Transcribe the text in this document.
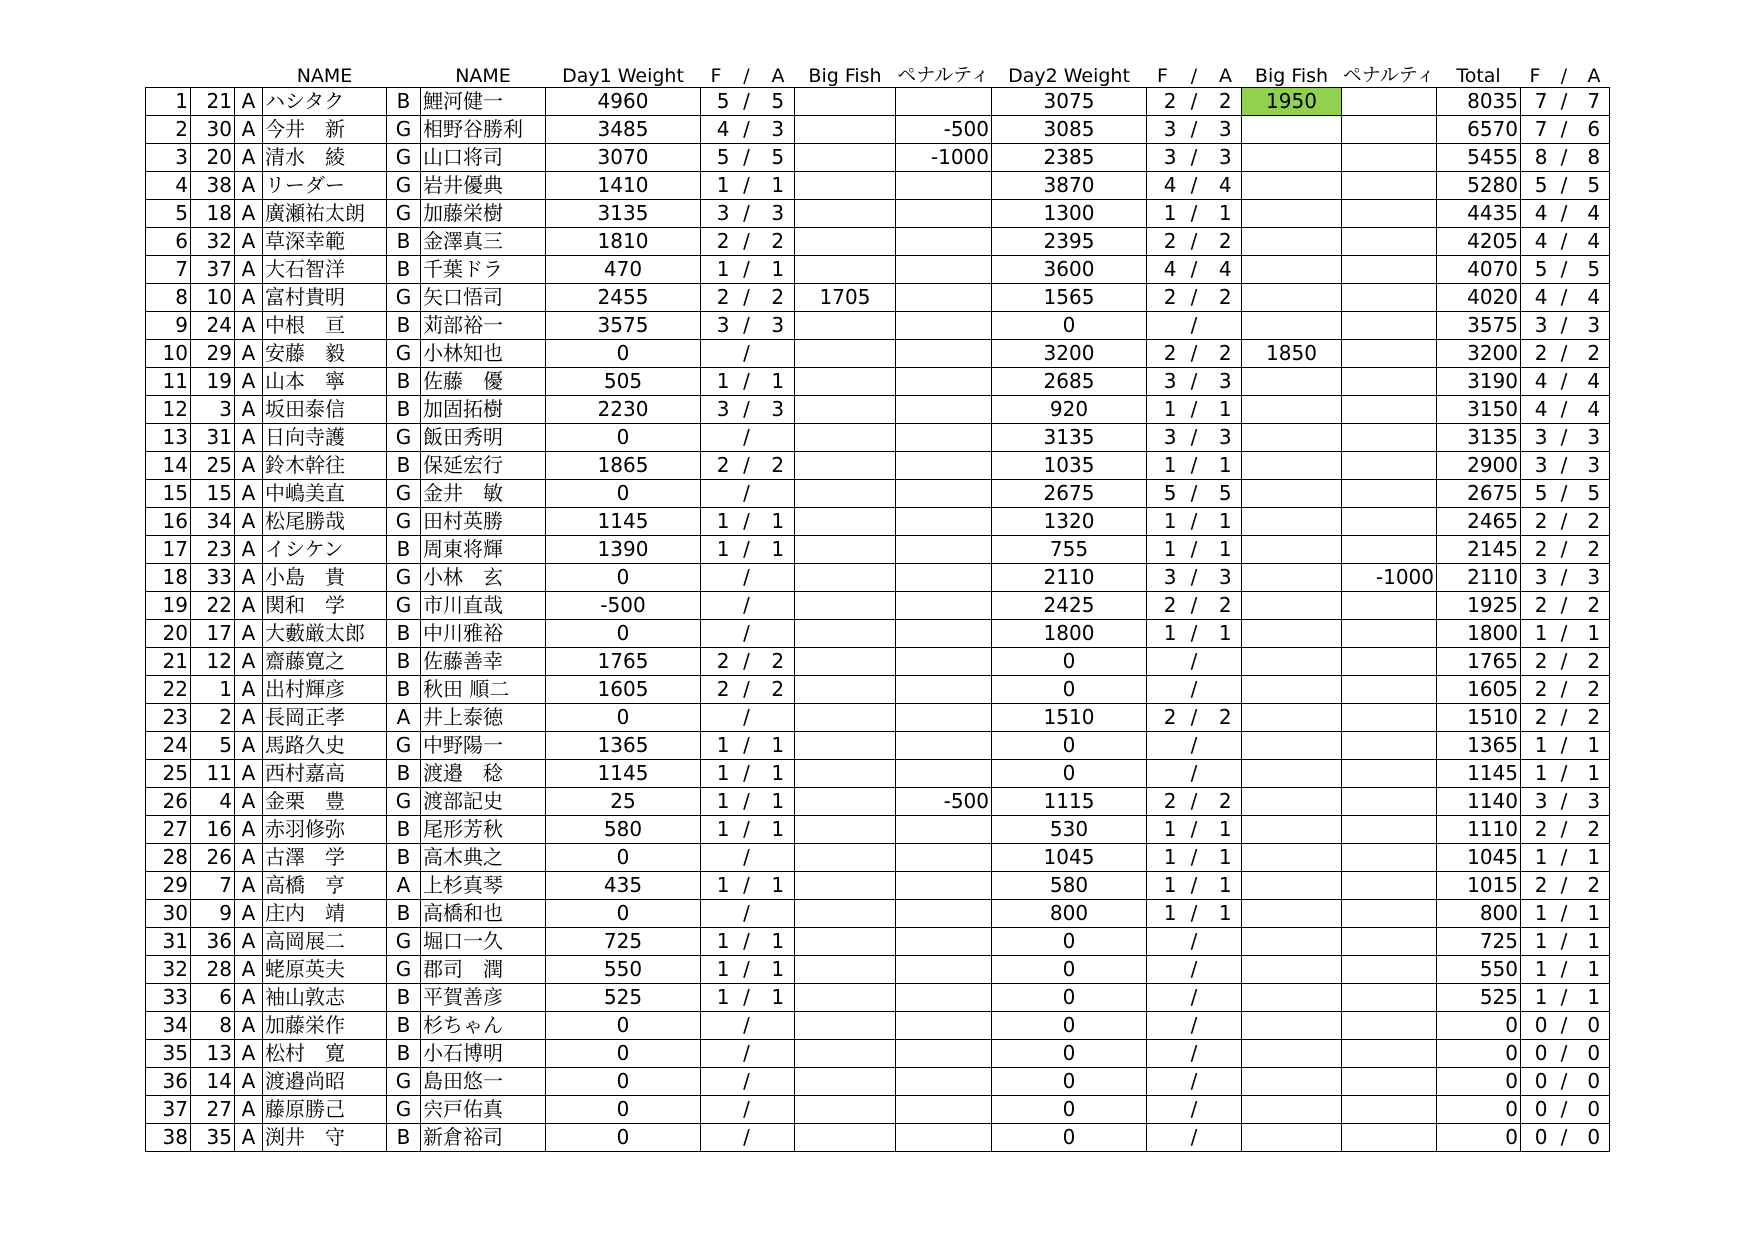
			NAME		NAME	Day1 Weight	F	/	A	Big Fish	ペナルティ	Day2 Weight	F	/	A	Big Fish	ペナルティ	Total	F	/	A
1	21	A	ハシタク	B	鯉河健一	4960	5	/	5			3075	2	/	2	1950		8035	7	/	7
2	30	A	今井　新	G	相野谷勝利	3485	4	/	3		-500	3085	3	/	3			6570	7	/	6
3	20	A	清水　綾	G	山口将司	3070	5	/	5		-1000	2385	3	/	3			5455	8	/	8
4	38	A	リーダー	G	岩井優典	1410	1	/	1			3870	4	/	4			5280	5	/	5
5	18	A	廣瀬祐太朗	G	加藤栄樹	3135	3	/	3			1300	1	/	1			4435	4	/	4
6	32	A	草深幸範	B	金澤真三	1810	2	/	2			2395	2	/	2			4205	4	/	4
7	37	A	大石智洋	B	千葉ドラ	470	1	/	1			3600	4	/	4			4070	5	/	5
8	10	A	富村貴明	G	矢口悟司	2455	2	/	2	1705		1565	2	/	2			4020	4	/	4
9	24	A	中根　亘	B	苅部裕一	3575	3	/	3			0		/				3575	3	/	3
10	29	A	安藤　毅	G	小林知也	0		/				3200	2	/	2	1850		3200	2	/	2
11	19	A	山本　寧	B	佐藤　優	505	1	/	1			2685	3	/	3			3190	4	/	4
12	3	A	坂田泰信	B	加固拓樹	2230	3	/	3			920	1	/	1			3150	4	/	4
13	31	A	日向寺護	G	飯田秀明	0		/				3135	3	/	3			3135	3	/	3
14	25	A	鈴木幹往	B	保延宏行	1865	2	/	2			1035	1	/	1			2900	3	/	3
15	15	A	中嶋美直	G	金井　敏	0		/				2675	5	/	5			2675	5	/	5
16	34	A	松尾勝哉	G	田村英勝	1145	1	/	1			1320	1	/	1			2465	2	/	2
17	23	A	イシケン	B	周東将輝	1390	1	/	1			755	1	/	1			2145	2	/	2
18	33	A	小島　貴	G	小林　玄	0		/				2110	3	/	3		-1000	2110	3	/	3
19	22	A	関和　学	G	市川直哉	-500		/				2425	2	/	2			1925	2	/	2
20	17	A	大藪厳太郎	B	中川雅裕	0		/				1800	1	/	1			1800	1	/	1
21	12	A	齋藤寛之	B	佐藤善幸	1765	2	/	2			0		/				1765	2	/	2
22	1	A	出村輝彦	B	秋田 順二	1605	2	/	2			0		/				1605	2	/	2
23	2	A	長岡正孝	A	井上泰徳	0		/				1510	2	/	2			1510	2	/	2
24	5	A	馬路久史	G	中野陽一	1365	1	/	1			0		/				1365	1	/	1
25	11	A	西村嘉高	B	渡邉　稔	1145	1	/	1			0		/				1145	1	/	1
26	4	A	金栗　豊	G	渡部記史	25	1	/	1		-500	1115	2	/	2			1140	3	/	3
27	16	A	赤羽修弥	B	尾形芳秋	580	1	/	1			530	1	/	1			1110	2	/	2
28	26	A	古澤　学	B	高木典之	0		/				1045	1	/	1			1045	1	/	1
29	7	A	高橋　亨	A	上杉真琴	435	1	/	1			580	1	/	1			1015	2	/	2
30	9	A	庄内　靖	B	高橋和也	0		/				800	1	/	1			800	1	/	1
31	36	A	高岡展二	G	堀口一久	725	1	/	1			0		/				725	1	/	1
32	28	A	蛯原英夫	G	郡司　潤	550	1	/	1			0		/				550	1	/	1
33	6	A	袖山敦志	B	平賀善彦	525	1	/	1			0		/				525	1	/	1
34	8	A	加藤栄作	B	杉ちゃん	0		/				0		/				0	0	/	0
35	13	A	松村　寛	B	小石博明	0		/				0		/				0	0	/	0
36	14	A	渡邉尚昭	G	島田悠一	0		/				0		/				0	0	/	0
37	27	A	藤原勝己	G	宍戸佑真	0		/				0		/				0	0	/	0
38	35	A	渕井　守	B	新倉裕司	0		/				0		/				0	0	/	0
